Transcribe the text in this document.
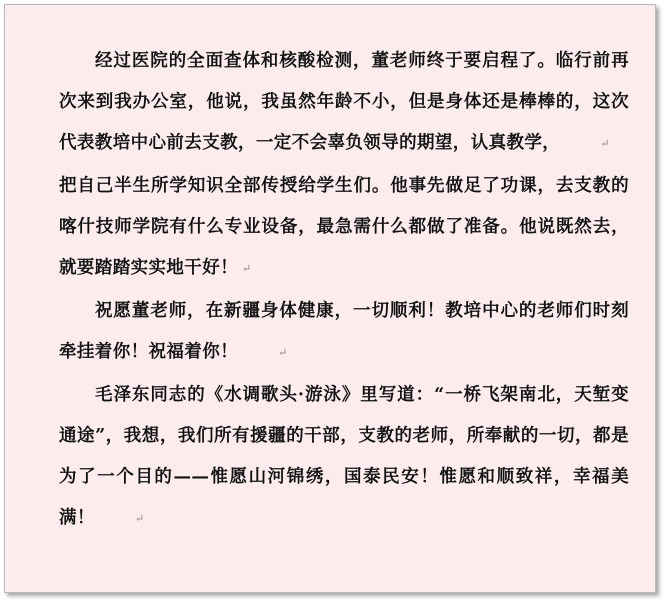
经过医院的全面查体和核酸检测，董老师终于要启程了。临行前再次来到我办公室，他说，我虽然年龄不小，但是身体还是棒棒的，这次代表教培中心前去支教，一定不会辜负领导的期望，认真教学，	↵

把自己半生所学知识全部传授给学生们。他事先做足了功课，去支教的喀什技师学院有什么专业设备，最急需什么都做了准备。他说既然去，就要踏踏实实地干好！ ↵

祝愿董老师，在新疆身体健康，一切顺利！教培中心的老师们时刻牵挂着你！祝福着你！	↵

毛泽东同志的《水调歌头·游泳》里写道：“一桥飞架南北，天堑变通途”，我想，我们所有援疆的干部，支教的老师，所奉献的一切，都是为了一个目的——惟愿山河锦绣，国泰民安！惟愿和顺致祥，幸福美满！	↵
